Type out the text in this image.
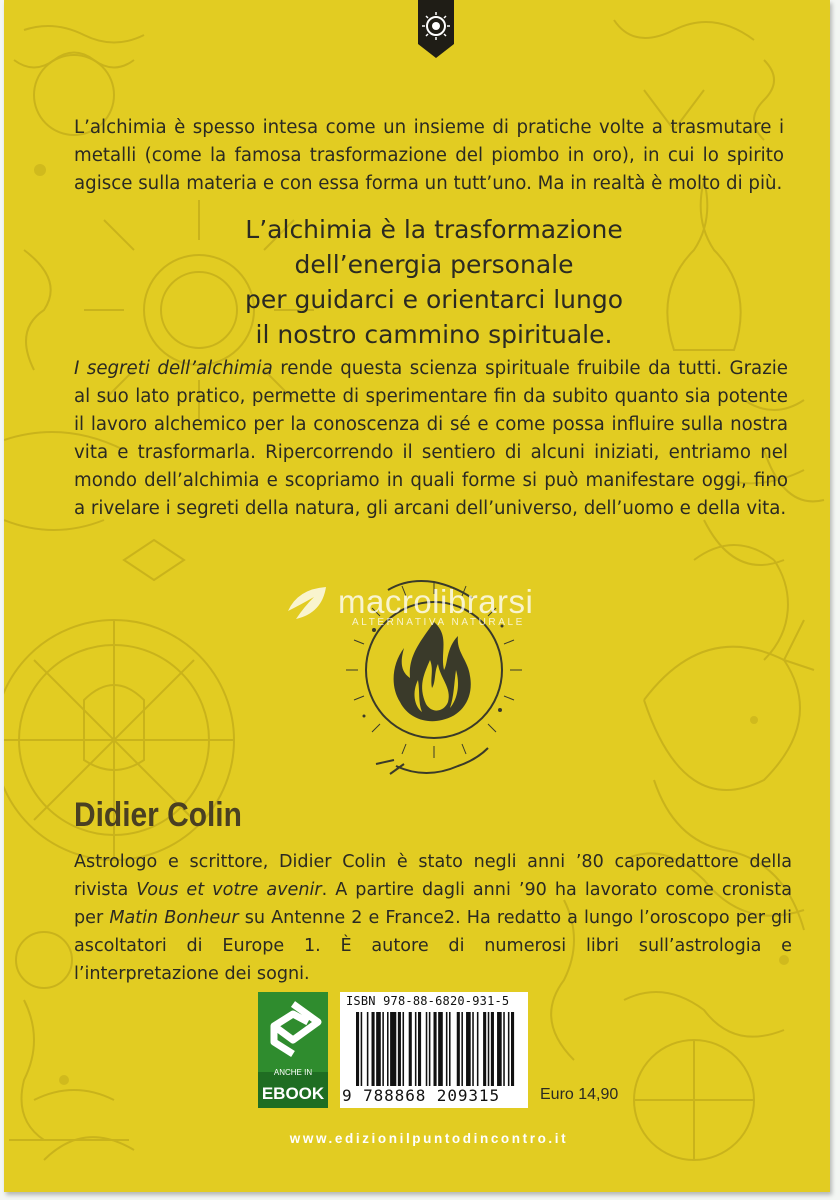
L’alchimia è spesso intesa come un insieme di pratiche volte a trasmutare i metalli (come la famosa trasformazione del piombo in oro), in cui lo spirito agisce sulla materia e con essa forma un tutt’uno. Ma in realtà è molto di più.
L’alchimia è la trasformazione
dell’energia personale
per guidarci e orientarci lungo
il nostro cammino spirituale.
I segreti dell’alchimia rende questa scienza spirituale fruibile da tutti. Grazie al suo lato pratico, permette di sperimentare fin da subito quanto sia potente il lavoro alchemico per la conoscenza di sé e come possa influire sulla nostra vita e trasformarla. Ripercorrendo il sentiero di alcuni iniziati, entriamo nel mondo dell’alchimia e scopriamo in quali forme si può manifestare oggi, fino a rivelare i segreti della natura, gli arcani dell’universo, dell’uomo e della vita.
macrolibrarsi
ALTERNATIVA NATURALE
Didier Colin
Astrologo e scrittore, Didier Colin è stato negli anni ’80 caporedattore della rivista Vous et votre avenir. A partire dagli anni ’90 ha lavorato come cronista per Matin Bonheur su Antenne 2 e France2. Ha redatto a lungo l’oroscopo per gli ascoltatori di Europe 1. È autore di numerosi libri sull’astrologia e l’interpretazione dei sogni.
ANCHE IN
EBOOK
ISBN 978-88-6820-931-5
9 788868 209315	Euro 14,90
www.edizionilpuntodincontro.it
